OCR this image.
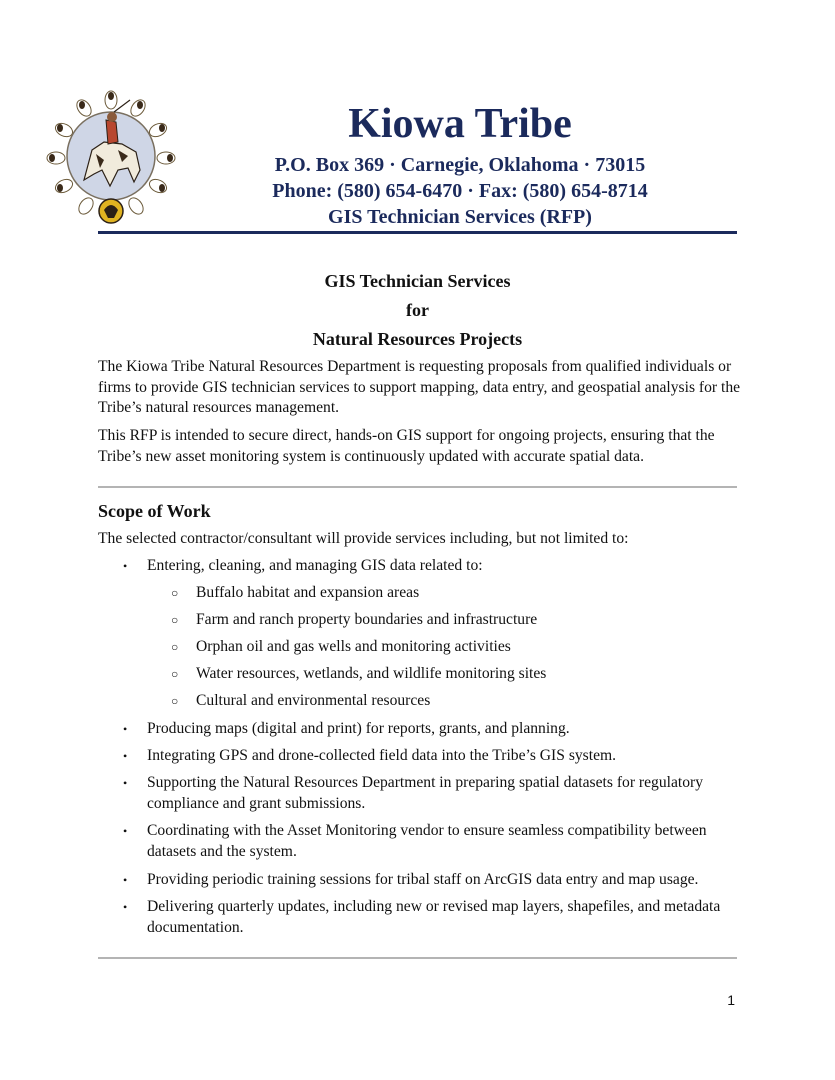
Kiowa Tribe
P.O. Box 369 · Carnegie, Oklahoma · 73015
Phone: (580) 654-6470 · Fax: (580) 654-8714
GIS Technician Services (RFP)
GIS Technician Services
for
Natural Resources Projects

The Kiowa Tribe Natural Resources Department is requesting proposals from qualified individuals or firms to provide GIS technician services to support mapping, data entry, and geospatial analysis for the Tribe’s natural resources management.

This RFP is intended to secure direct, hands-on GIS support for ongoing projects, ensuring that the Tribe’s new asset monitoring system is continuously updated with accurate spatial data.

Scope of Work
The selected contractor/consultant will provide services including, but not limited to:
• Entering, cleaning, and managing GIS data related to:
○ Buffalo habitat and expansion areas
○ Farm and ranch property boundaries and infrastructure
○ Orphan oil and gas wells and monitoring activities
○ Water resources, wetlands, and wildlife monitoring sites
○ Cultural and environmental resources
• Producing maps (digital and print) for reports, grants, and planning.
• Integrating GPS and drone-collected field data into the Tribe’s GIS system.
• Supporting the Natural Resources Department in preparing spatial datasets for regulatory compliance and grant submissions.
• Coordinating with the Asset Monitoring vendor to ensure seamless compatibility between datasets and the system.
• Providing periodic training sessions for tribal staff on ArcGIS data entry and map usage.
• Delivering quarterly updates, including new or revised map layers, shapefiles, and metadata documentation.
1
